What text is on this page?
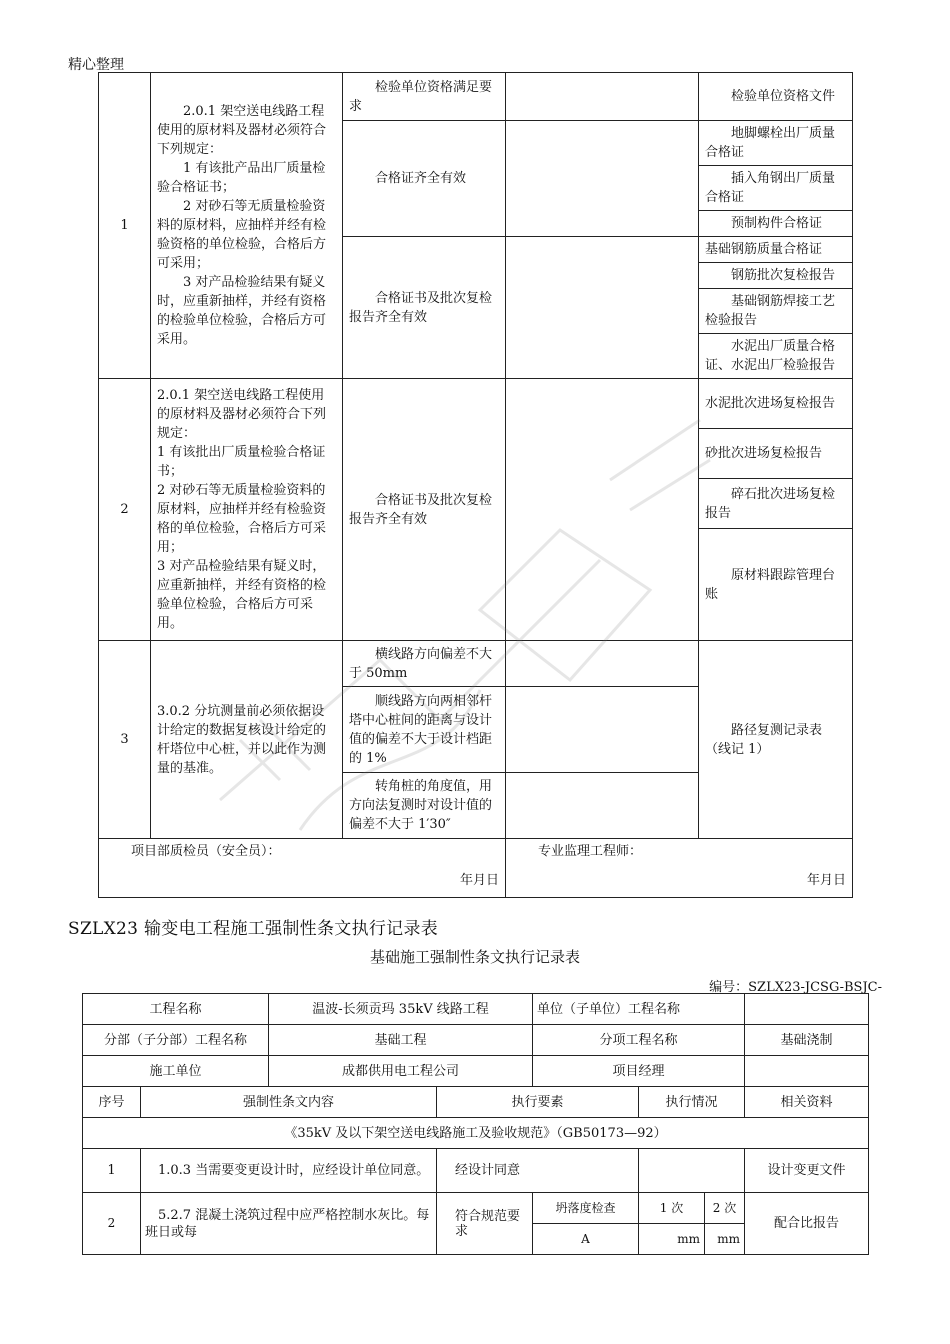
精心整理
1	2.0.1 架空送电线路工程使用的原材料及器材必须符合下列规定：

1 有该批产品出厂质量检验合格证书；

2 对砂石等无质量检验资料的原材料，应抽样并经有检验资格的单位检验，合格后方可采用；

3 对产品检验结果有疑义时，应重新抽样，并经有资格的检验单位检验，合格后方可采用。	检验单位资格满足要求		检验单位资格文件
		合格证齐全有效		地脚螺栓出厂质量合格证
				插入角钢出厂质量合格证
				预制构件合格证
		合格证书及批次复检报告齐全有效		基础钢筋质量合格证
				钢筋批次复检报告
				基础钢筋焊接工艺检验报告
				水泥出厂质量合格证、水泥出厂检验报告
2	2.0.1 架空送电线路工程使用的原材料及器材必须符合下列规定：

1 有该批出厂质量检验合格证书；

2 对砂石等无质量检验资料的原材料，应抽样并经有检验资格的单位检验，合格后方可采用；

3 对产品检验结果有疑义时，应重新抽样，并经有资格的检验单位检验，合格后方可采用。	合格证书及批次复检报告齐全有效		水泥批次进场复检报告
				砂批次进场复检报告
				碎石批次进场复检报告
				原材料跟踪管理台账
3	3.0.2 分坑测量前必须依据设计给定的数据复核设计给定的杆塔位中心桩，并以此作为测量的基准。	横线路方向偏差不大于 50mm		路径复测记录表（线记 1）
		顺线路方向两相邻杆塔中心桩间的距离与设计值的偏差不大于设计档距的 1%		
		转角桩的角度值，用方向法复测时对设计值的偏差不大于 1′30″		

项目部质检员（安全员）：
年月日			专业监理工程师：
年月日	
SZLX23 输变电工程施工强制性条文执行记录表
基础施工强制性条文执行记录表
编号：SZLX23-JCSG-BSJC-
工程名称		温波-长须贡玛 35kV 线路工程		单位（子单位）工程名称			
分部（子分部）工程名称		基础工程		分项工程名称			基础浇制
施工单位		成都供用电工程公司		项目经理			
序号	强制性条文内容		执行要素		执行情况		相关资料
《35kV 及以下架空送电线路施工及验收规范》（GB50173—92）							
1	1.0.3 当需要变更设计时，应经设计单位同意。		经设计同意				设计变更文件
2	5.2.7 混凝土浇筑过程中应严格控制水灰比。每班日或每		符合规范要求	坍落度检查	1 次	2 次	配合比报告
				A	mm	mm	
